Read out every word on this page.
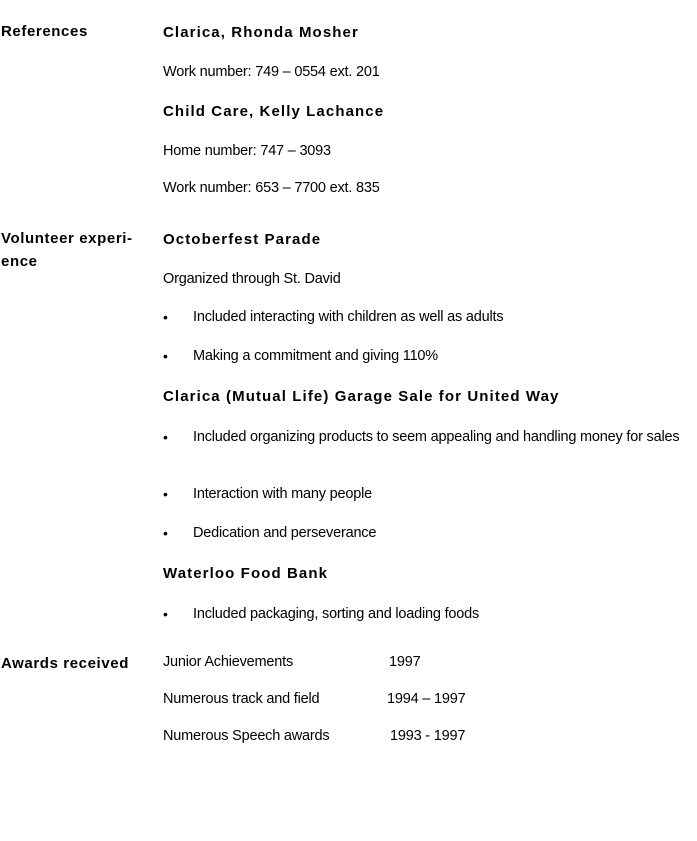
References	Clarica, Rhonda Mosher
Work number: 749 – 0554 ext. 201
Child Care, Kelly Lachance
Home number: 747 – 3093
Work number: 653 – 7700 ext. 835
Volunteer experi-
ence
Octoberfest Parade
Organized through St. David
• Included interacting with children as well as adults
• Making a commitment and giving 110%
Clarica (Mutual Life) Garage Sale for United Way
• Included organizing products to seem appealing and handling money for sales
• Interaction with many people
• Dedication and perseverance
Waterloo Food Bank
• Included packaging, sorting and loading foods
Awards received Junior Achievements	1997
Numerous track and field	1994 – 1997
Numerous Speech awards	1993 - 1997
